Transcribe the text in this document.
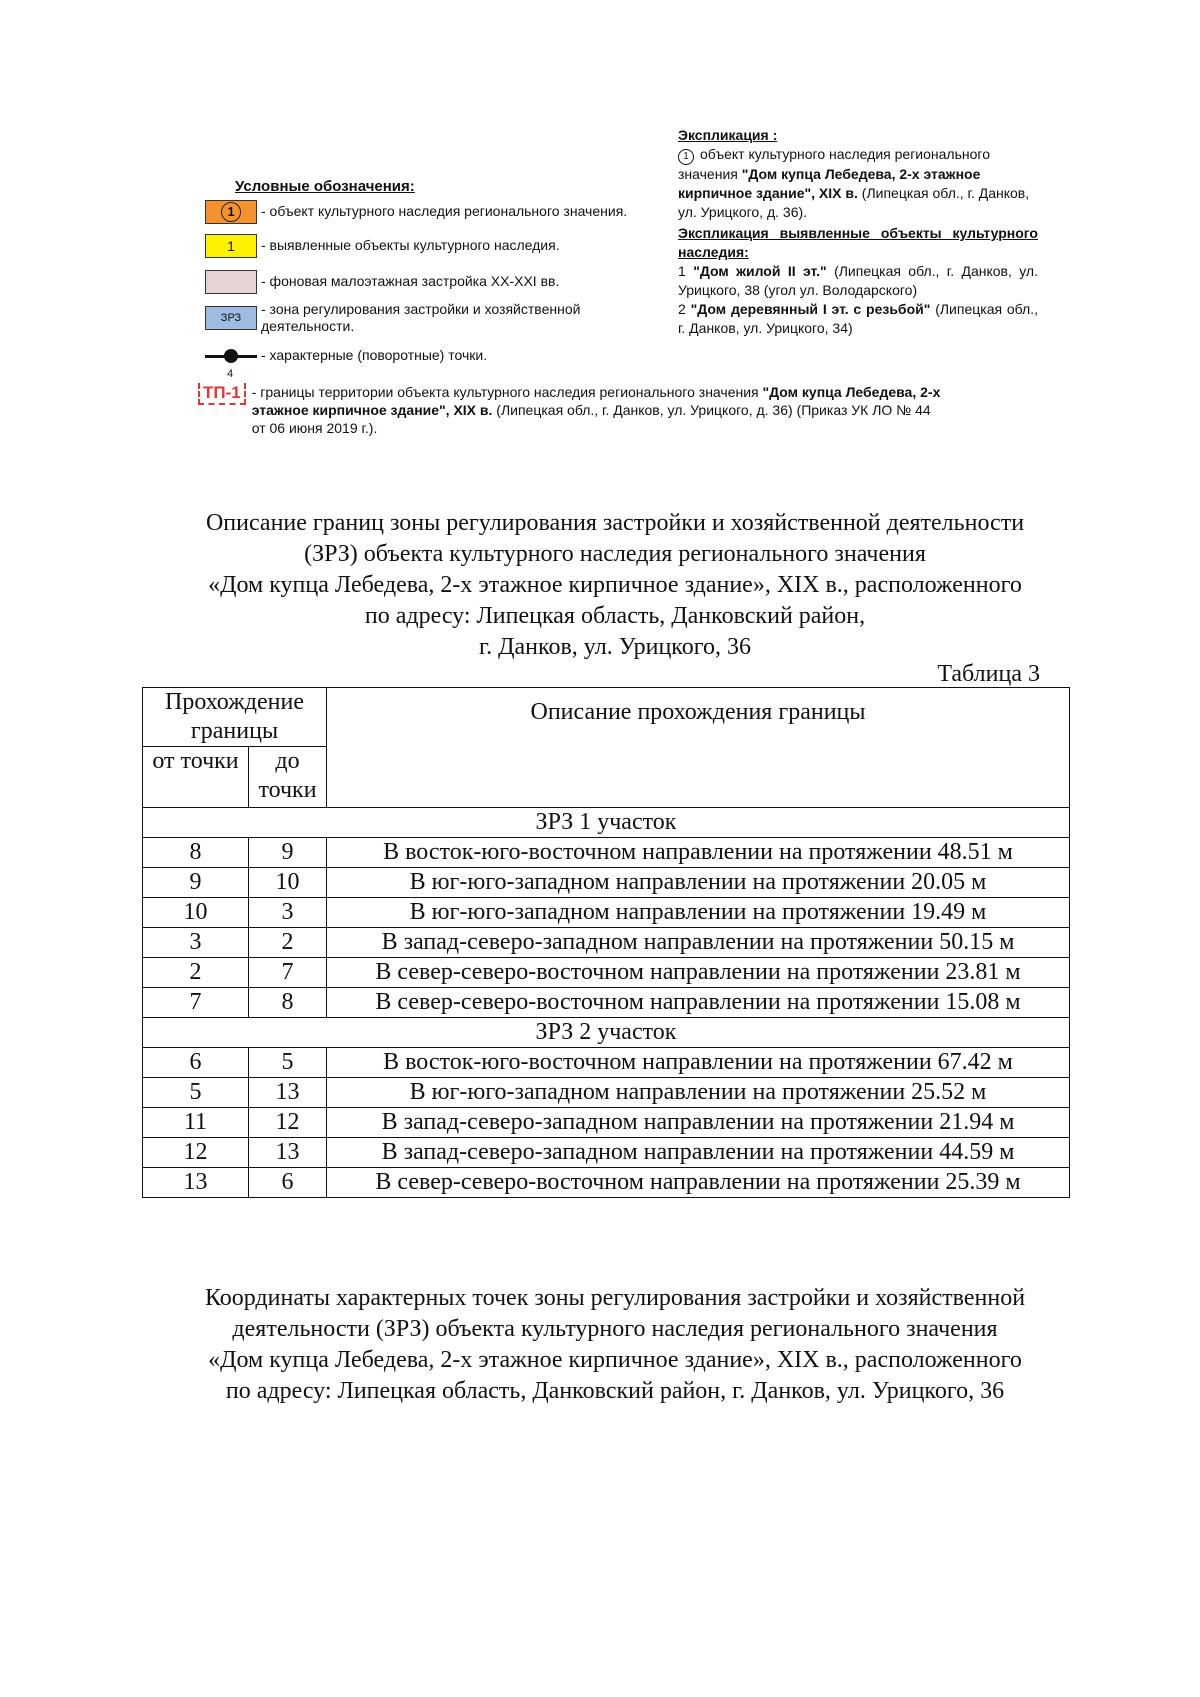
Условные обозначения:
1	- объект культурного наследия регионального значения.
1	- выявленные объекты культурного наследия.
- фоновая малоэтажная застройка XX-XXI вв.
ЗРЗ
- зона регулирования застройки и хозяйственной
деятельности.
4
- характерные (поворотные) точки.
ТП-1 - границы территории объекта культурного наследия регионального значения "Дом купца Лебедева, 2-х этажное кирпичное здание", XIX в. (Липецкая обл., г. Данков, ул. Урицкого, д. 36) (Приказ УК ЛО № 44 от 06 июня 2019 г.).
Экспликация :
1 объект культурного наследия регионального значения "Дом купца Лебедева, 2-х этажное кирпичное здание", XIX в. (Липецкая обл., г. Данков, ул. Урицкого, д. 36).
Экспликация выявленные объекты культурного наследия:
1 "Дом жилой II эт." (Липецкая обл., г. Данков, ул. Урицкого, 38 (угол ул. Володарского)
2 "Дом деревянный I эт. с резьбой" (Липецкая обл., г. Данков, ул. Урицкого, 34)
Описание границ зоны регулирования застройки и хозяйственной деятельности
(ЗРЗ) объекта культурного наследия регионального значения
«Дом купца Лебедева, 2-х этажное кирпичное здание», XIX в., расположенного
по адресу: Липецкая область, Данковский район,
г. Данков, ул. Урицкого, 36
Таблица 3
Прохождение границы		Описание прохождения границы
от точки	до точки	
ЗРЗ 1 участок		
8	9	В восток-юго-восточном направлении на протяжении 48.51 м
9	10	В юг-юго-западном направлении на протяжении 20.05 м
10	3	В юг-юго-западном направлении на протяжении 19.49 м
3	2	В запад-северо-западном направлении на протяжении 50.15 м
2	7	В север-северо-восточном направлении на протяжении 23.81 м
7	8	В север-северо-восточном направлении на протяжении 15.08 м
ЗРЗ 2 участок		
6	5	В восток-юго-восточном направлении на протяжении 67.42 м
5	13	В юг-юго-западном направлении на протяжении 25.52 м
11	12	В запад-северо-западном направлении на протяжении 21.94 м
12	13	В запад-северо-западном направлении на протяжении 44.59 м
13	6	В север-северо-восточном направлении на протяжении 25.39 м
Координаты характерных точек зоны регулирования застройки и хозяйственной
деятельности (ЗРЗ) объекта культурного наследия регионального значения
«Дом купца Лебедева, 2-х этажное кирпичное здание», XIX в., расположенного
по адресу: Липецкая область, Данковский район, г. Данков, ул. Урицкого, 36
